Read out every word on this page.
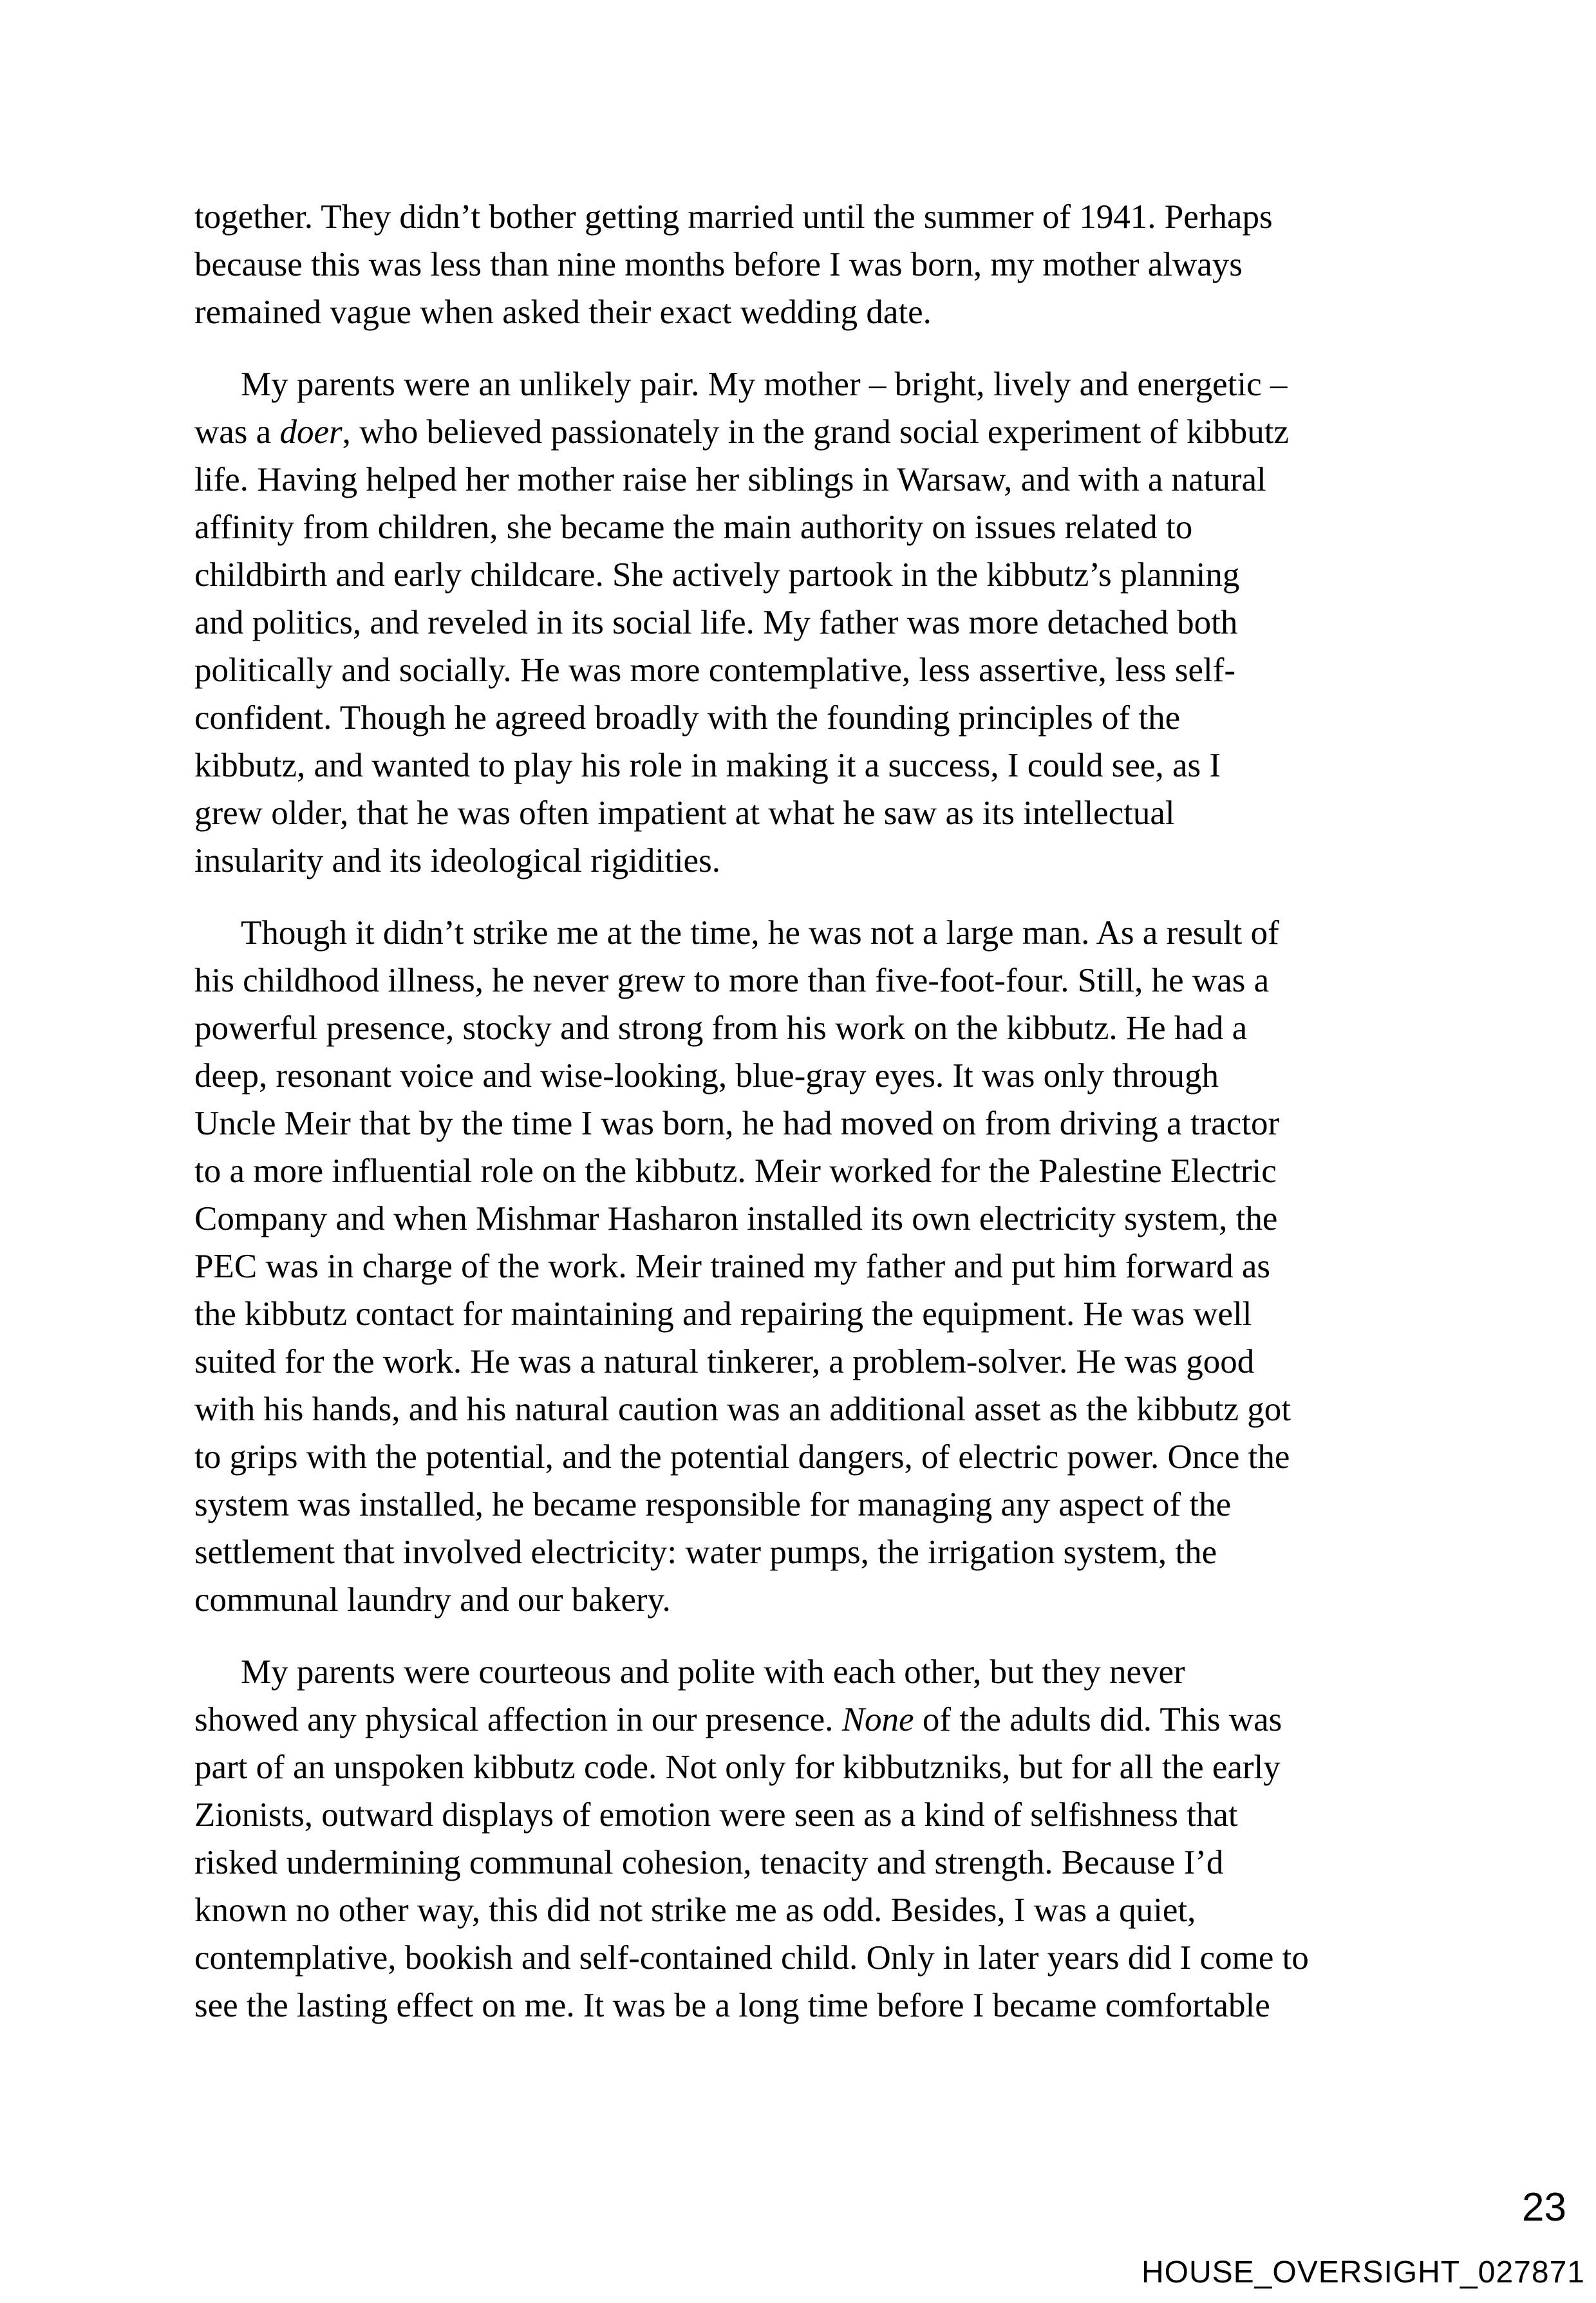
together. They didn’t bother getting married until the summer of 1941. Perhaps
because this was less than nine months before I was born, my mother always
remained vague when asked their exact wedding date.
My parents were an unlikely pair. My mother – bright, lively and energetic –
was a doer, who believed passionately in the grand social experiment of kibbutz
life. Having helped her mother raise her siblings in Warsaw, and with a natural
affinity from children, she became the main authority on issues related to
childbirth and early childcare. She actively partook in the kibbutz’s planning
and politics, and reveled in its social life. My father was more detached both
politically and socially. He was more contemplative, less assertive, less self-
confident. Though he agreed broadly with the founding principles of the
kibbutz, and wanted to play his role in making it a success, I could see, as I
grew older, that he was often impatient at what he saw as its intellectual
insularity and its ideological rigidities.
Though it didn’t strike me at the time, he was not a large man. As a result of
his childhood illness, he never grew to more than five-foot-four. Still, he was a
powerful presence, stocky and strong from his work on the kibbutz. He had a
deep, resonant voice and wise-looking, blue-gray eyes. It was only through
Uncle Meir that by the time I was born, he had moved on from driving a tractor
to a more influential role on the kibbutz. Meir worked for the Palestine Electric
Company and when Mishmar Hasharon installed its own electricity system, the
PEC was in charge of the work. Meir trained my father and put him forward as
the kibbutz contact for maintaining and repairing the equipment. He was well
suited for the work. He was a natural tinkerer, a problem-solver. He was good
with his hands, and his natural caution was an additional asset as the kibbutz got
to grips with the potential, and the potential dangers, of electric power. Once the
system was installed, he became responsible for managing any aspect of the
settlement that involved electricity: water pumps, the irrigation system, the
communal laundry and our bakery.
My parents were courteous and polite with each other, but they never
showed any physical affection in our presence. None of the adults did. This was
part of an unspoken kibbutz code. Not only for kibbutzniks, but for all the early
Zionists, outward displays of emotion were seen as a kind of selfishness that
risked undermining communal cohesion, tenacity and strength. Because I’d
known no other way, this did not strike me as odd. Besides, I was a quiet,
contemplative, bookish and self-contained child. Only in later years did I come to
see the lasting effect on me. It was be a long time before I became comfortable
23
HOUSE_OVERSIGHT_027871
